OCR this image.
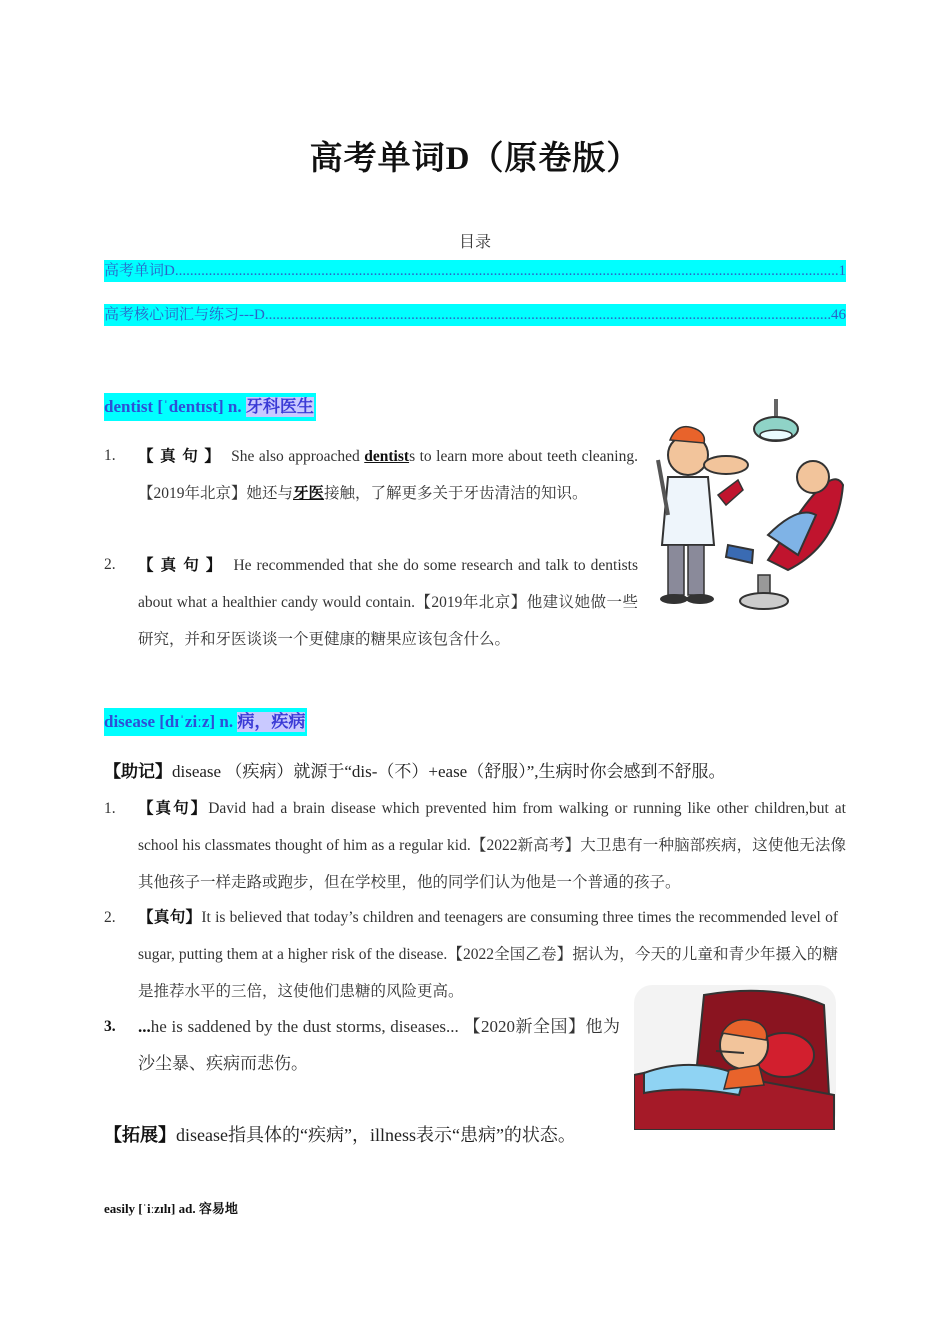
高考单词D（原卷版）
目录
高考单词D .....	1
高考核心词汇与练习---D .....	46
dentist [ˈdentɪst] n. 牙科医生
1. 【真句】 She also approached dentists to learn more about teeth cleaning. 【2019年北京】她还与牙医接触，了解更多关于牙齿清洁的知识。
2. 【真句】 He recommended that she do some research and talk to dentists about what a healthier candy would contain.【2019年北京】他建议她做一些研究，并和牙医谈谈一个更健康的糖果应该包含什么。
disease [dɪˈziːz] n. 病，疾病
【助记】disease （疾病）就源于“dis-（不）+ease（舒服）”,生病时你会感到不舒服。
1. 【真句】David had a brain disease which prevented him from walking or running like other children,but at school his classmates thought of him as a regular kid.【2022新高考】大卫患有一种脑部疾病，这使他无法像其他孩子一样走路或跑步，但在学校里，他的同学们认为他是一个普通的孩子。
2. 【真句】It is believed that today’s children and teenagers are consuming three times the recommended level of sugar, putting them at a higher risk of the disease.【2022全国乙卷】据认为，今天的儿童和青少年摄入的糖是推荐水平的三倍，这使他们患糖的风险更高。
3. ...he is saddened by the dust storms, diseases... 【2020新全国】他为沙尘暴、疾病而悲伤。
【拓展】disease指具体的“疾病”，illness表示“患病”的状态。
easily [ˈiːzɪlɪ] ad. 容易地
